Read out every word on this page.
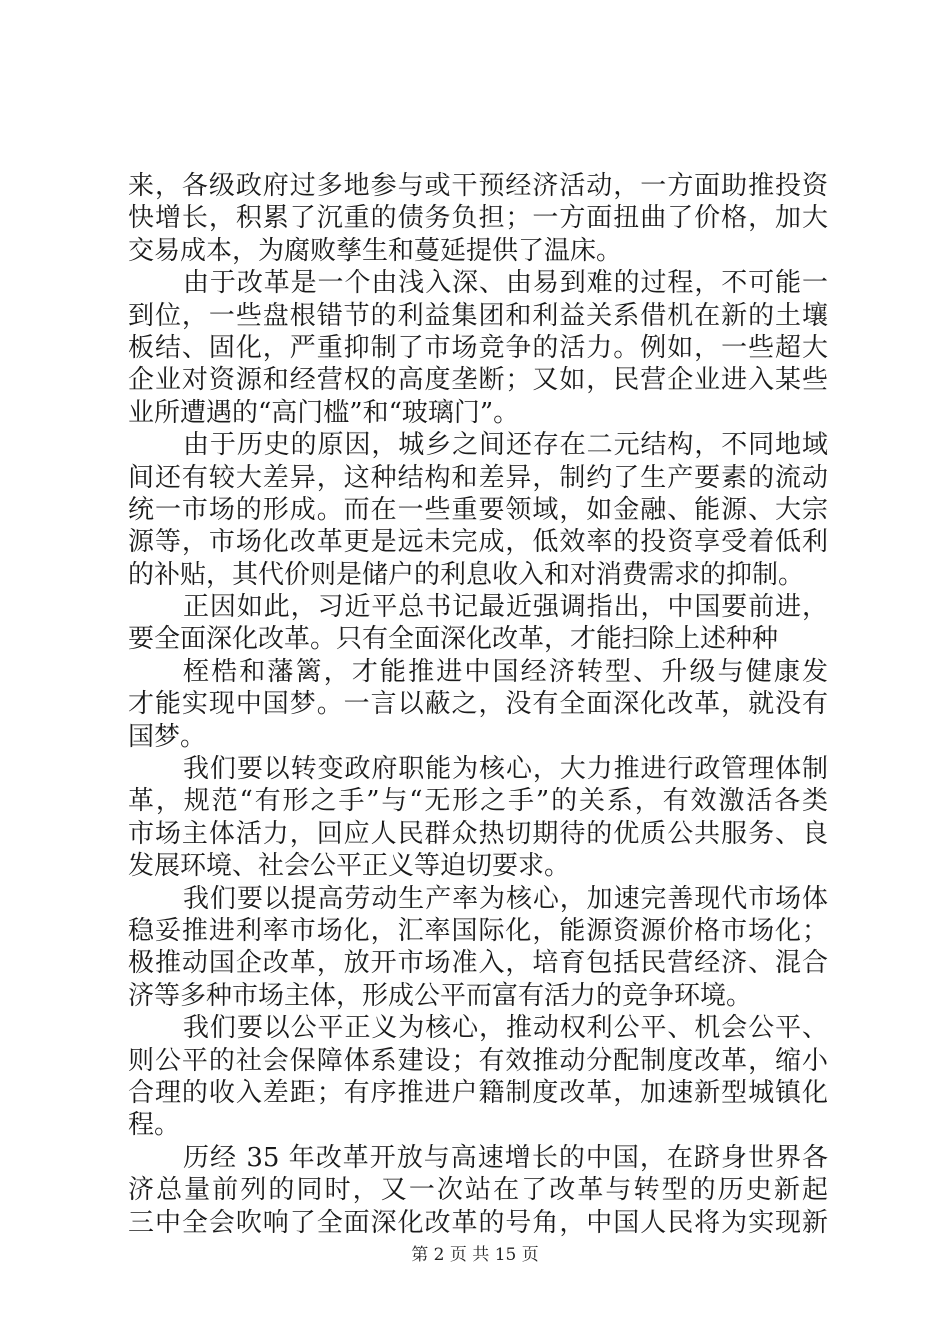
来，各级政府过多地参与或干预经济活动，一方面助推投资
快增长，积累了沉重的债务负担；一方面扭曲了价格，加大
交易成本，为腐败孳生和蔓延提供了温床。
由于改革是一个由浅入深、由易到难的过程，不可能一
到位，一些盘根错节的利益集团和利益关系借机在新的土壤
板结、固化，严重抑制了市场竞争的活力。例如，一些超大
企业对资源和经营权的高度垄断；又如，民营企业进入某些
业所遭遇的“高门槛”和“玻璃门”。
由于历史的原因，城乡之间还存在二元结构，不同地域
间还有较大差异，这种结构和差异，制约了生产要素的流动
统一市场的形成。而在一些重要领域，如金融、能源、大宗
源等，市场化改革更是远未完成，低效率的投资享受着低利
的补贴，其代价则是储户的利息收入和对消费需求的抑制。
正因如此，习近平总书记最近强调指出，中国要前进，
要全面深化改革。只有全面深化改革，才能扫除上述种种
桎梏和藩篱，才能推进中国经济转型、升级与健康发
才能实现中国梦。一言以蔽之，没有全面深化改革，就没有
国梦。
我们要以转变政府职能为核心，大力推进行政管理体制
革，规范“有形之手”与“无形之手”的关系，有效激活各类
市场主体活力，回应人民群众热切期待的优质公共服务、良
发展环境、社会公平正义等迫切要求。
我们要以提高劳动生产率为核心，加速完善现代市场体
稳妥推进利率市场化，汇率国际化，能源资源价格市场化；
极推动国企改革，放开市场准入，培育包括民营经济、混合
济等多种市场主体，形成公平而富有活力的竞争环境。
我们要以公平正义为核心，推动权利公平、机会公平、
则公平的社会保障体系建设；有效推动分配制度改革，缩小
合理的收入差距；有序推进户籍制度改革，加速新型城镇化
程。
历经 35 年改革开放与高速增长的中国，在跻身世界各
济总量前列的同时，又一次站在了改革与转型的历史新起
三中全会吹响了全面深化改革的号角，中国人民将为实现新
第 2 页 共 15 页
